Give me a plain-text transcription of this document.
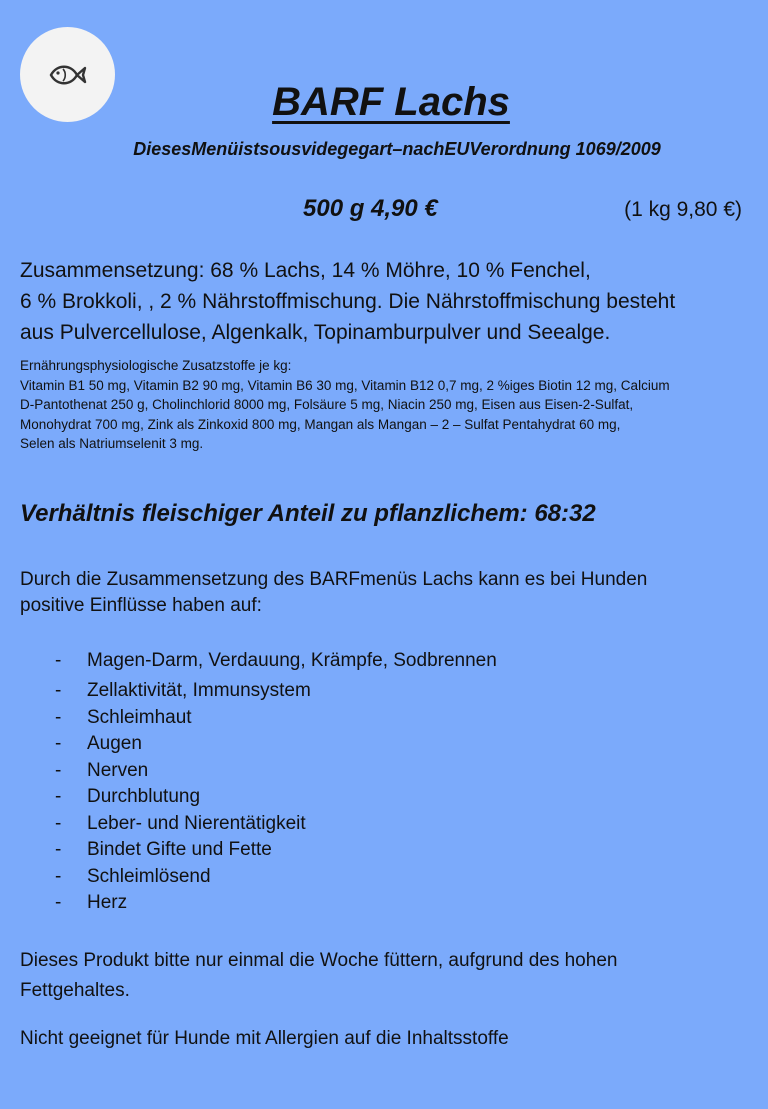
BARF Lachs

DiesesMenüistsousvidegegart–nachEUVerordnung 1069/2009

500 g 4,90 €	(1 kg 9,80 €)

Zusammensetzung: 68 % Lachs, 14 % Möhre, 10 % Fenchel,
6 % Brokkoli, , 2 % Nährstoffmischung. Die Nährstoffmischung besteht
aus Pulvercellulose, Algenkalk, Topinamburpulver und Seealge.

Ernährungsphysiologische Zusatzstoffe je kg:
Vitamin B1 50 mg, Vitamin B2 90 mg, Vitamin B6 30 mg, Vitamin B12 0,7 mg, 2 %iges Biotin 12 mg, Calcium
D-Pantothenat 250 g, Cholinchlorid 8000 mg, Folsäure 5 mg, Niacin 250 mg, Eisen aus Eisen-2-Sulfat,
Monohydrat 700 mg, Zink als Zinkoxid 800 mg, Mangan als Mangan – 2 – Sulfat Pentahydrat 60 mg,
Selen als Natriumselenit 3 mg.

Verhältnis fleischiger Anteil zu pflanzlichem: 68:32

Durch die Zusammensetzung des BARFmenüs Lachs kann es bei Hunden
positive Einflüsse haben auf:

- Magen-Darm, Verdauung, Krämpfe, Sodbrennen
- Zellaktivität, Immunsystem
- Schleimhaut
- Augen
- Nerven
- Durchblutung
- Leber- und Nierentätigkeit
- Bindet Gifte und Fette
- Schleimlösend
- Herz

Dieses Produkt bitte nur einmal die Woche füttern, aufgrund des hohen
Fettgehaltes.

Nicht geeignet für Hunde mit Allergien auf die Inhaltsstoffe
